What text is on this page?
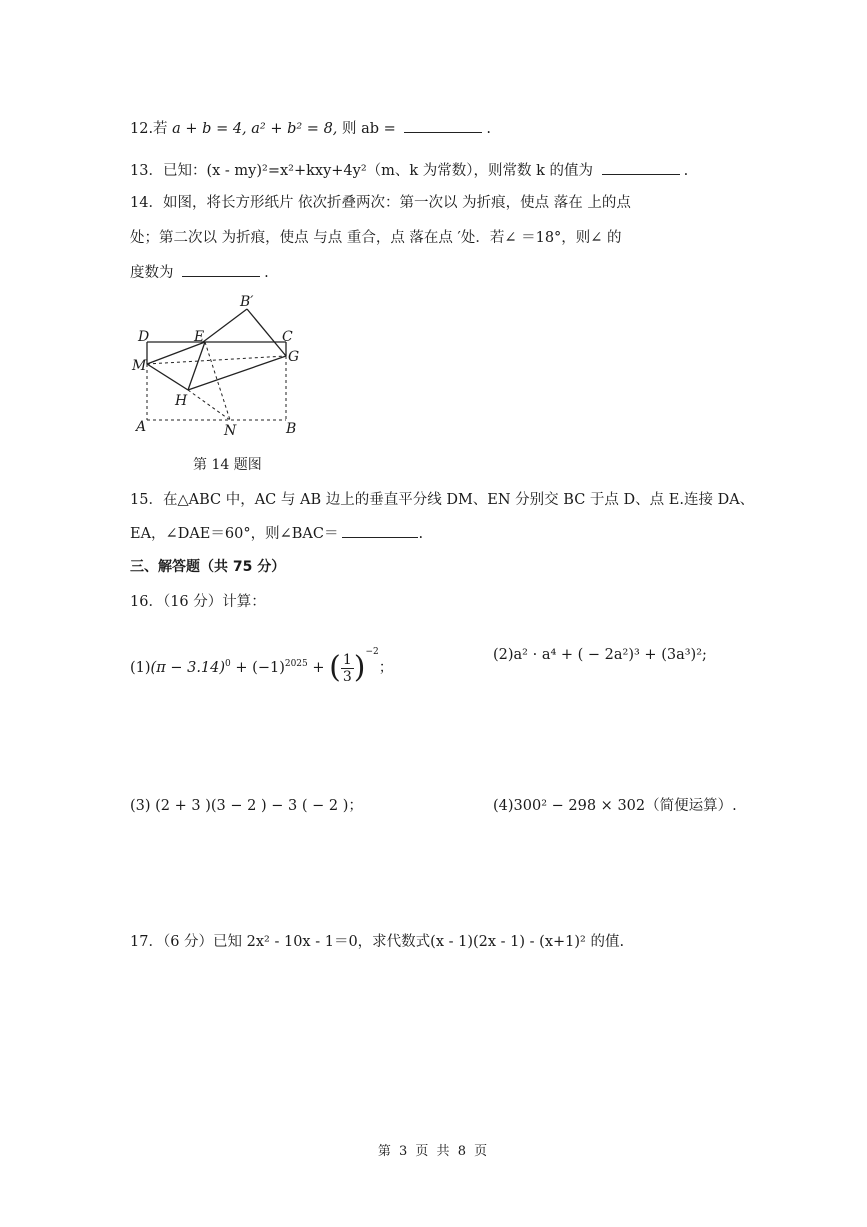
12.若 a + b = 4, a² + b² = 8, 则 ab =	.
13．已知：(x - my)²=x²+kxy+4y²（m、k 为常数），则常数 k 的值为	.
14．如图，将长方形纸片 依次折叠两次：第一次以 为折痕，使点 落在 上的点
处；第二次以 为折痕，使点 与点 重合，点 落在点 ′处．若∠ ＝18°，则∠ 的
度数为	.
B′
D	E	C
M
G
H
A	N	B
第 14 题图
15．在△ABC 中，AC 与 AB 边上的垂直平分线 DM、EN 分别交 BC 于点 D、点 E.连接 DA、
EA，∠DAE＝60°，则∠BAC＝	.
三、解答题（共 75 分）
16．（16 分）计算：
$(1)(\pi - 3.14)^0 + (-1)^{2025}$ + ( $\frac{1}{3})^{-2}$；
(2)a² · a⁴ + ( − 2a²)³ + (3a³)²;
(3) (2 + 3 )(3 − 2 ) − 3 ( − 2 )；	(4)300² − 298 × 302（简便运算）.
17．（6 分）已知 2x² - 10x - 1＝0，求代数式(x - 1)(2x - 1) - (x+1)² 的值.
第 3 页 共 8 页
